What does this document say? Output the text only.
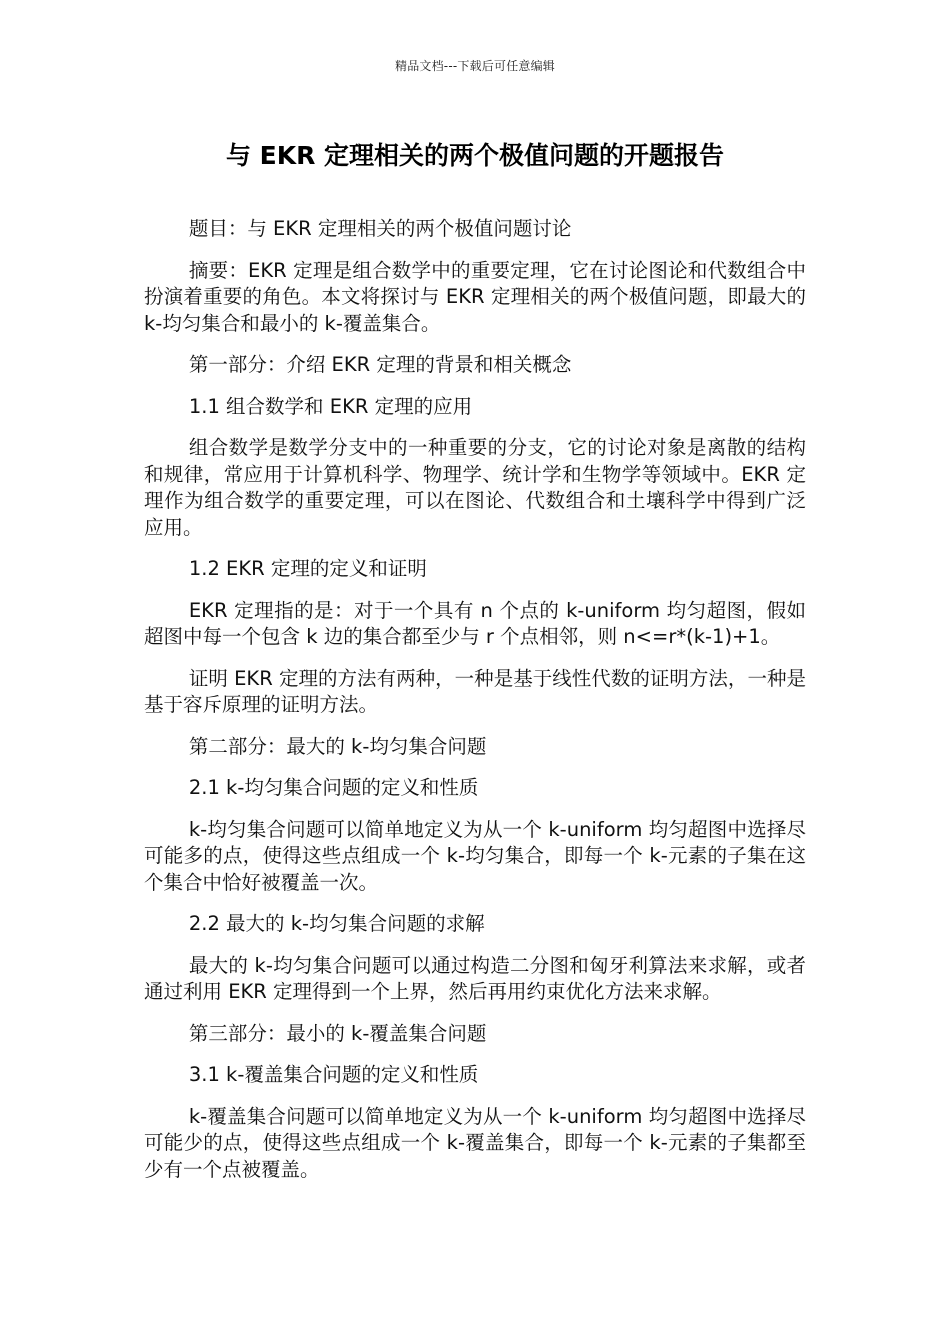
精品文档---下载后可任意编辑
与 EKR 定理相关的两个极值问题的开题报告

题目：与 EKR 定理相关的两个极值问题讨论

摘要：EKR 定理是组合数学中的重要定理，它在讨论图论和代数组合中扮演着重要的角色。本文将探讨与 EKR 定理相关的两个极值问题，即最大的 k-均匀集合和最小的 k-覆盖集合。

第一部分：介绍 EKR 定理的背景和相关概念

1.1 组合数学和 EKR 定理的应用

组合数学是数学分支中的一种重要的分支，它的讨论对象是离散的结构和规律，常应用于计算机科学、物理学、统计学和生物学等领域中。EKR 定理作为组合数学的重要定理，可以在图论、代数组合和土壤科学中得到广泛应用。

1.2 EKR 定理的定义和证明

EKR 定理指的是：对于一个具有 n 个点的 k-uniform 均匀超图，假如超图中每一个包含 k 边的集合都至少与 r 个点相邻，则 n<=r*(k-1)+1。

证明 EKR 定理的方法有两种，一种是基于线性代数的证明方法，一种是基于容斥原理的证明方法。

第二部分：最大的 k-均匀集合问题

2.1 k-均匀集合问题的定义和性质

k-均匀集合问题可以简单地定义为从一个 k-uniform 均匀超图中选择尽可能多的点，使得这些点组成一个 k-均匀集合，即每一个 k-元素的子集在这个集合中恰好被覆盖一次。

2.2 最大的 k-均匀集合问题的求解

最大的 k-均匀集合问题可以通过构造二分图和匈牙利算法来求解，或者通过利用 EKR 定理得到一个上界，然后再用约束优化方法来求解。

第三部分：最小的 k-覆盖集合问题

3.1 k-覆盖集合问题的定义和性质

k-覆盖集合问题可以简单地定义为从一个 k-uniform 均匀超图中选择尽可能少的点，使得这些点组成一个 k-覆盖集合，即每一个 k-元素的子集都至少有一个点被覆盖。
